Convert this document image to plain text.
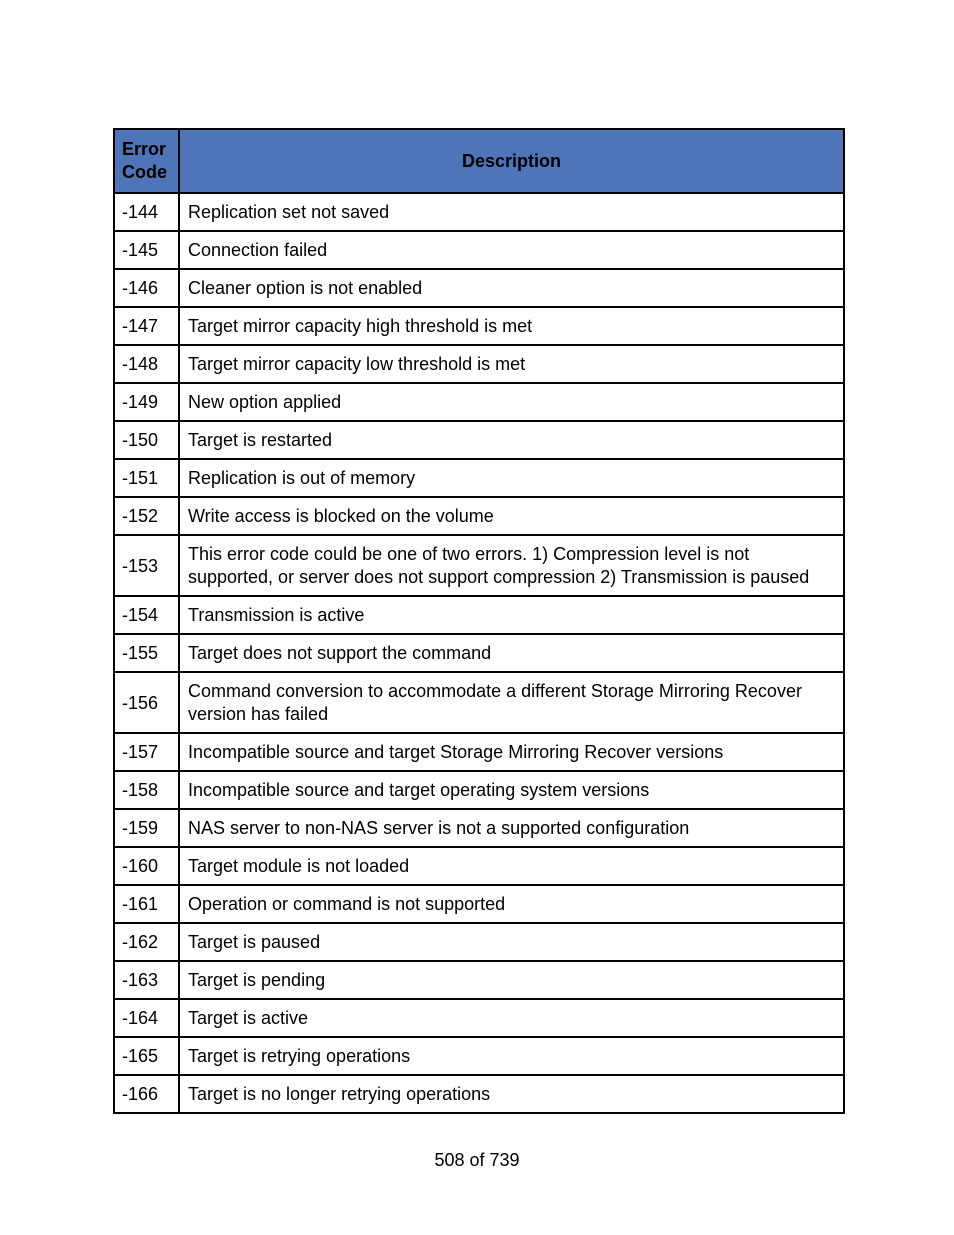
Error
Code	Description
-144	Replication set not saved
-145	Connection failed
-146	Cleaner option is not enabled
-147	Target mirror capacity high threshold is met
-148	Target mirror capacity low threshold is met
-149	New option applied
-150	Target is restarted
-151	Replication is out of memory
-152	Write access is blocked on the volume
-153	This error code could be one of two errors. 1) Compression level is not supported, or server does not support compression 2) Transmission is paused
-154	Transmission is active
-155	Target does not support the command
-156	Command conversion to accommodate a different Storage Mirroring Recover version has failed
-157	Incompatible source and target Storage Mirroring Recover versions
-158	Incompatible source and target operating system versions
-159	NAS server to non-NAS server is not a supported configuration
-160	Target module is not loaded
-161	Operation or command is not supported
-162	Target is paused
-163	Target is pending
-164	Target is active
-165	Target is retrying operations
-166	Target is no longer retrying operations
508 of 739
